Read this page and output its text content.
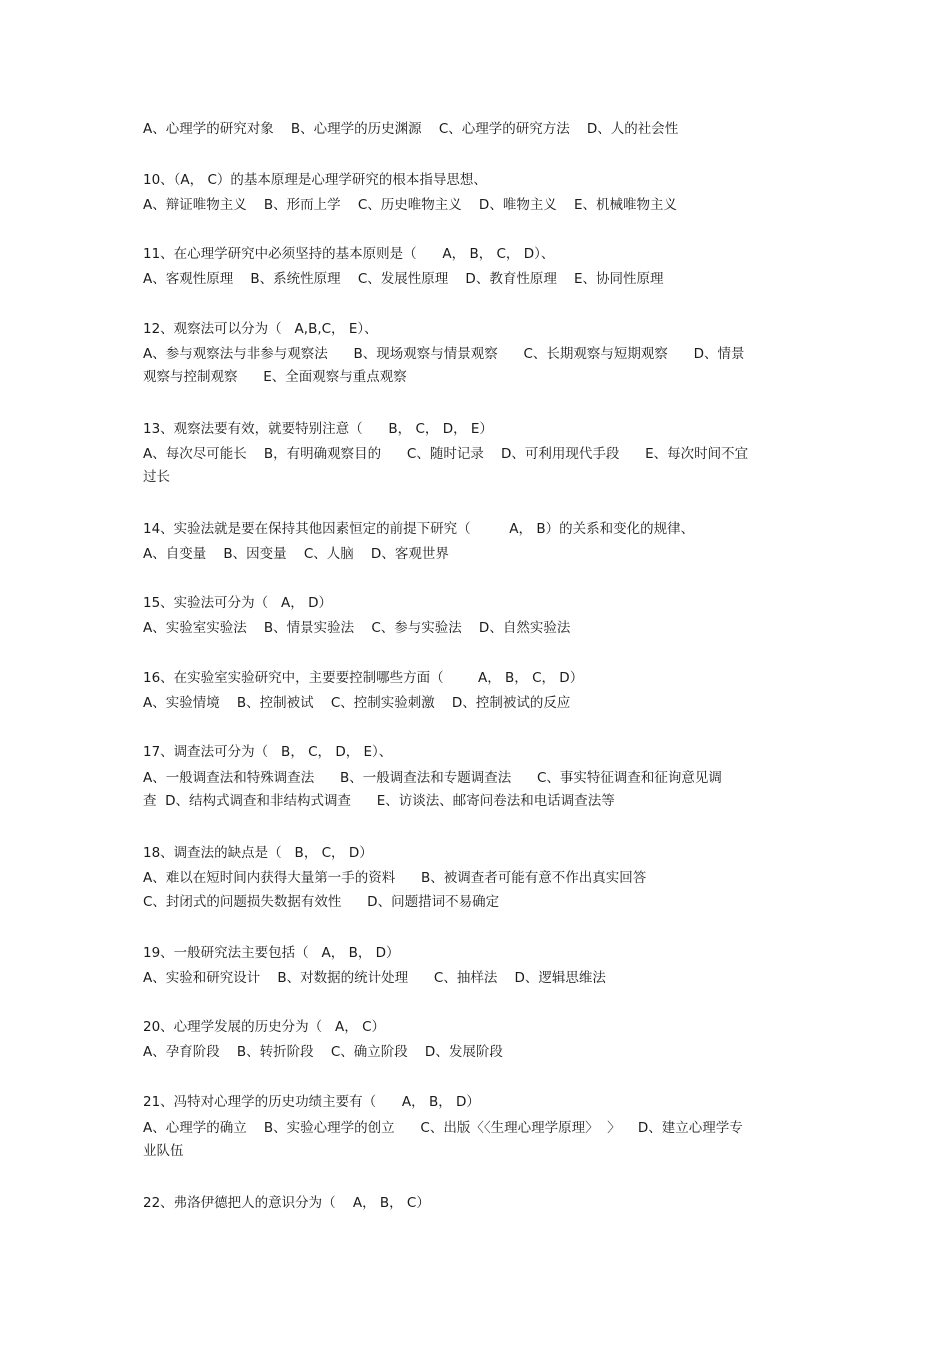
A、心理学的研究对象    B、心理学的历史渊源    C、心理学的研究方法    D、人的社会性
10、（A， C）的基本原理是心理学研究的根本指导思想、
A、辩证唯物主义    B、形而上学    C、历史唯物主义    D、唯物主义    E、机械唯物主义
11、在心理学研究中必须坚持的基本原则是（      A， B， C， D）、
A、客观性原理    B、系统性原理    C、发展性原理    D、教育性原理    E、协同性原理
12、观察法可以分为（   A,B,C， E）、
A、参与观察法与非参与观察法      B、现场观察与情景观察      C、长期观察与短期观察      D、情景
观察与控制观察      E、全面观察与重点观察
13、观察法要有效，就要特别注意（      B， C， D， E）
A、每次尽可能长    B，有明确观察目的      C、随时记录    D、可利用现代手段      E、每次时间不宜
过长
14、实验法就是要在保持其他因素恒定的前提下研究（         A， B）的关系和变化的规律、
A、自变量    B、因变量    C、人脑    D、客观世界
15、实验法可分为（   A， D）
A、实验室实验法    B、情景实验法    C、参与实验法    D、自然实验法
16、在实验室实验研究中，主要要控制哪些方面（        A， B， C， D）
A、实验情境    B、控制被试    C、控制实验刺激    D、控制被试的反应
17、调查法可分为（   B， C， D， E）、
A、一般调查法和特殊调查法      B、一般调查法和专题调查法      C、事实特征调查和征询意见调
查  D、结构式调查和非结构式调查      E、访谈法、邮寄问卷法和电话调查法等
18、调查法的缺点是（   B， C， D）
A、难以在短时间内获得大量第一手的资料      B、被调查者可能有意不作出真实回答
C、封闭式的问题损失数据有效性      D、问题措词不易确定
19、一般研究法主要包括（   A， B， D）
A、实验和研究设计    B、对数据的统计处理      C、抽样法    D、逻辑思维法
20、心理学发展的历史分为（   A， C）
A、孕育阶段    B、转折阶段    C、确立阶段    D、发展阶段
21、冯特对心理学的历史功绩主要有（      A， B， D）
A、心理学的确立    B、实验心理学的创立      C、出版〈〈生理心理学原理〉  〉    D、建立心理学专
业队伍
22、弗洛伊德把人的意识分为（    A， B， C）
